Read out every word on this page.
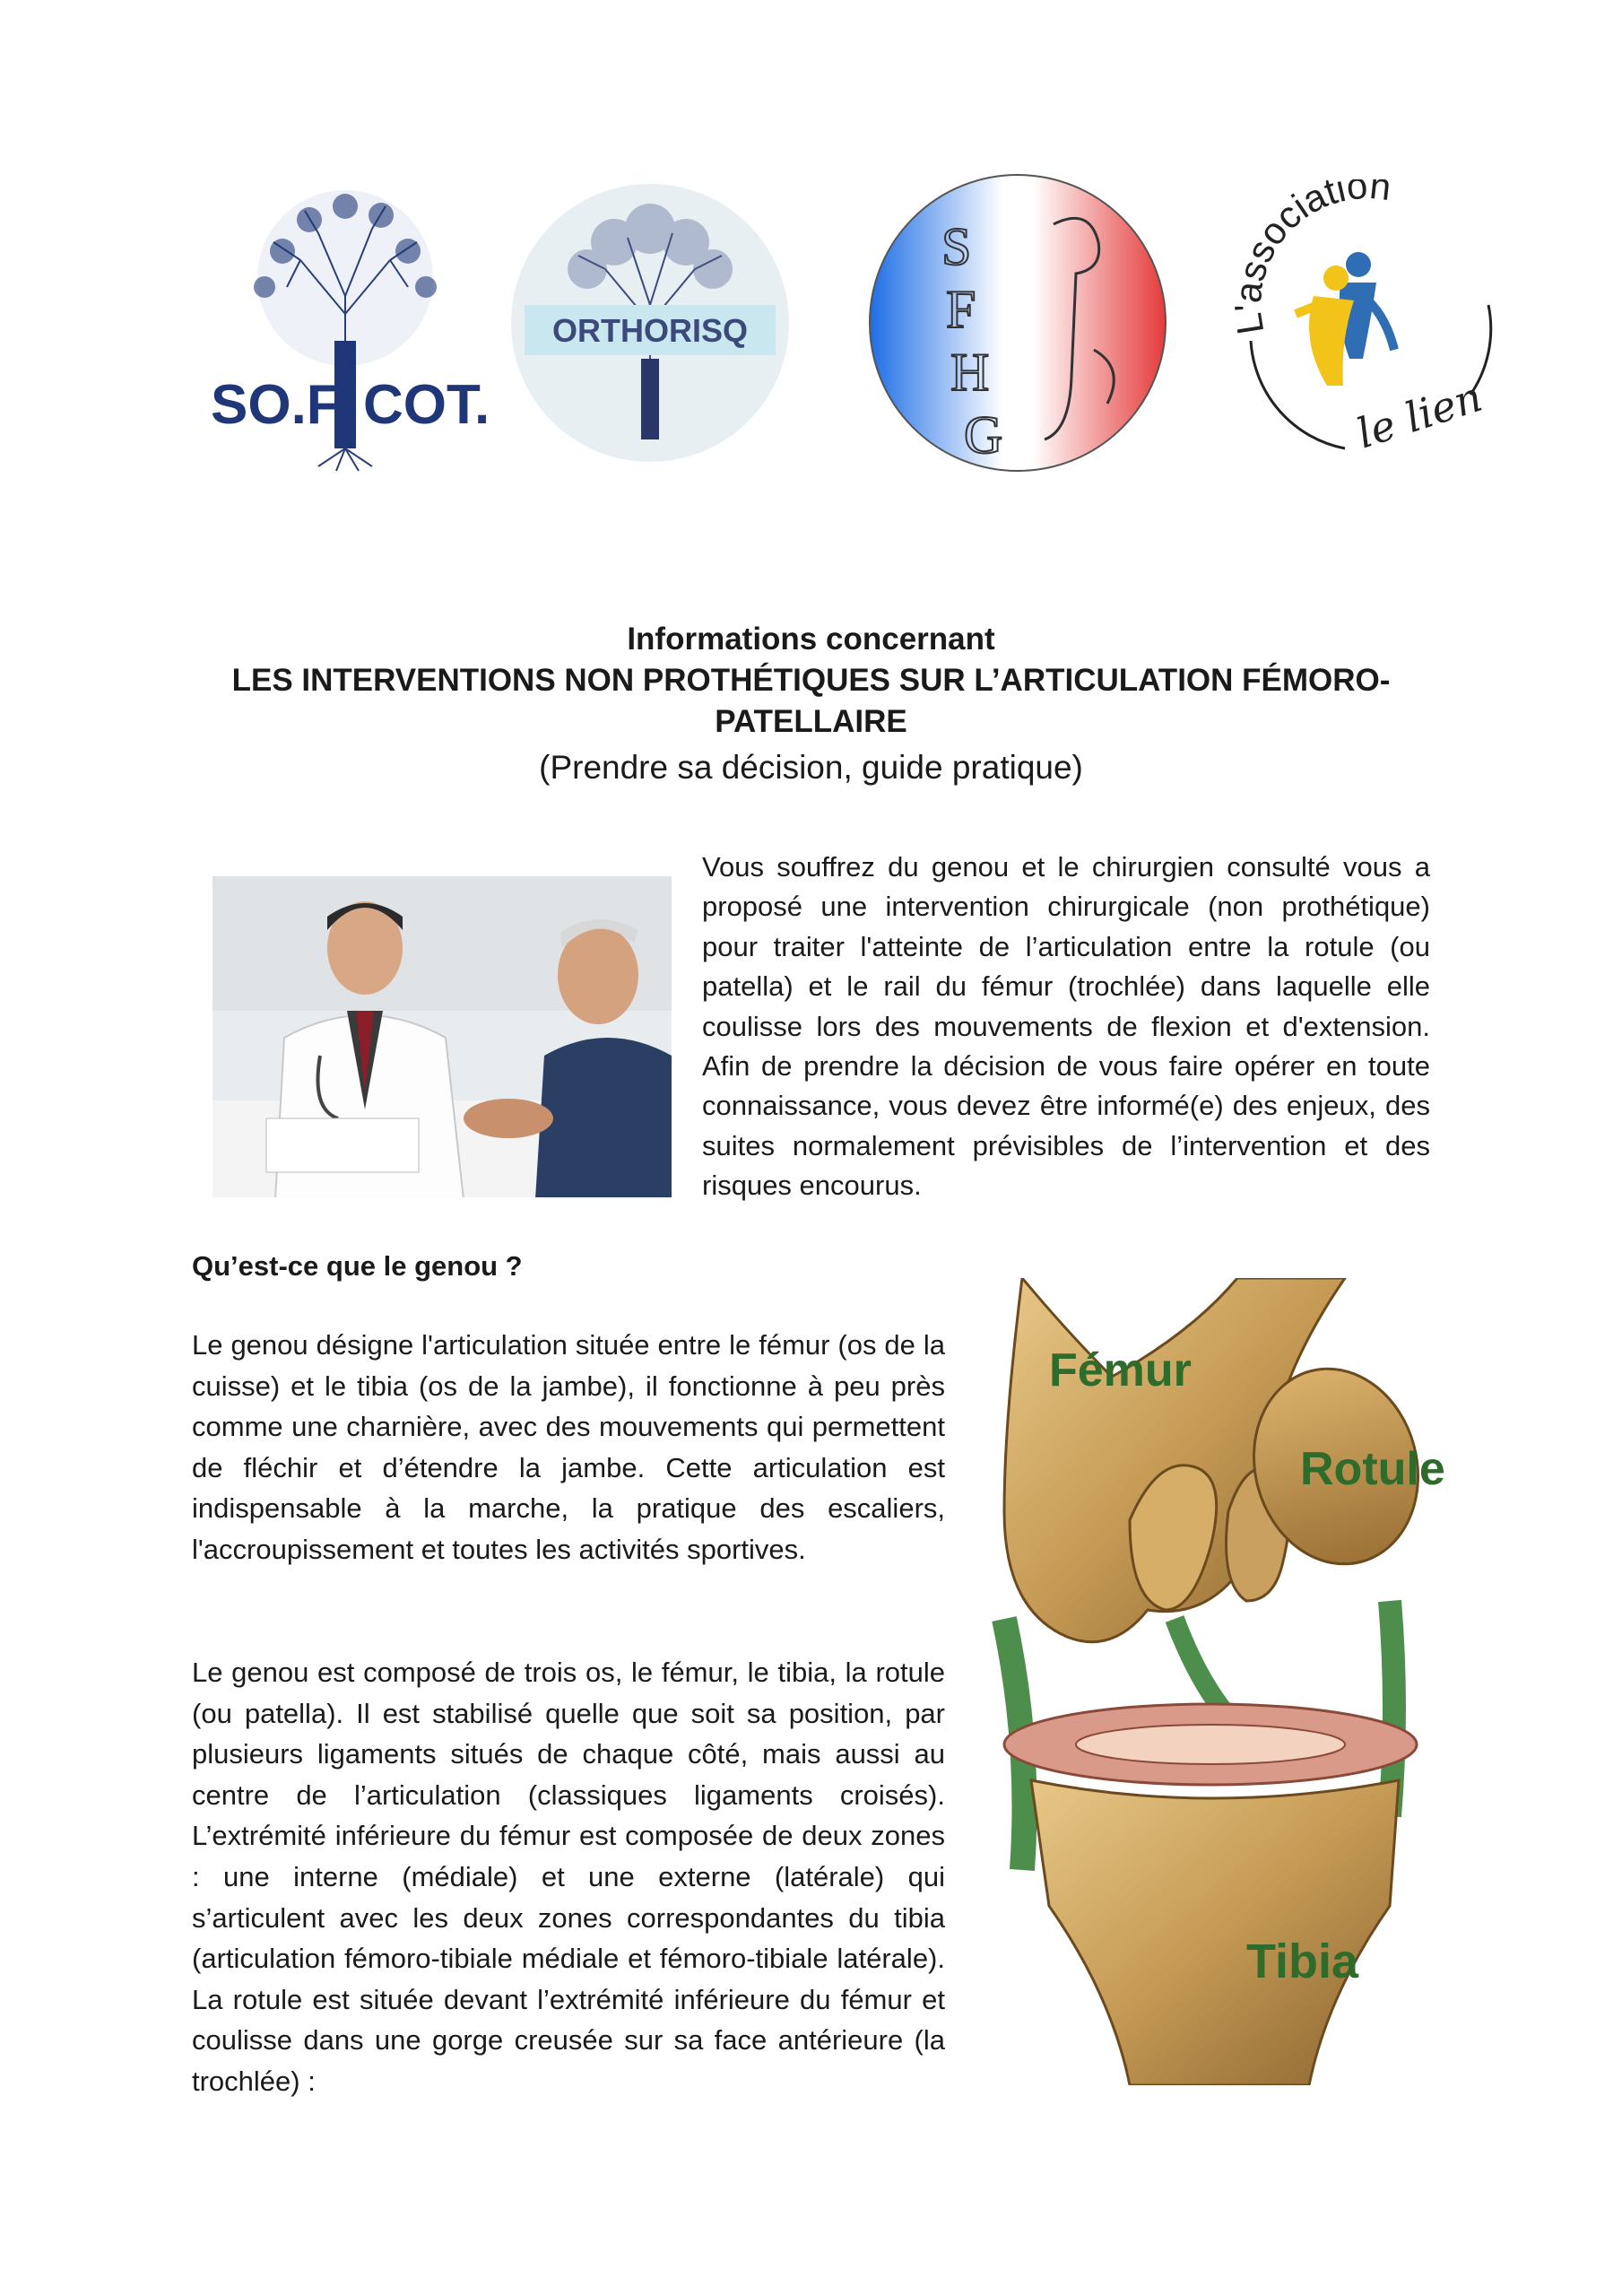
SO.F COT.
ORTHORISQ
S
F
H
G
L'association
le lien
Informations concernant
LES INTERVENTIONS NON PROTHÉTIQUES SUR L’ARTICULATION FÉMORO-PATELLAIRE
(Prendre sa décision, guide pratique)
Vous souffrez du genou et le chirurgien consulté vous a proposé une intervention chirurgicale (non prothétique) pour traiter l'atteinte de l’articulation entre la rotule (ou patella) et le rail du fémur (trochlée) dans laquelle elle coulisse lors des mouvements de flexion et d'extension. Afin de prendre la décision de vous faire opérer en toute connaissance, vous devez être informé(e) des enjeux, des suites normalement prévisibles de l’intervention et des risques encourus.
Qu’est-ce que le genou ?
Le genou désigne l'articulation située entre le fémur (os de la cuisse) et le tibia (os de la jambe), il fonctionne à peu près comme une charnière, avec des mouvements qui permettent de fléchir et d’étendre la jambe. Cette articulation est indispensable à la marche, la pratique des escaliers, l'accroupissement et toutes les activités sportives.
Le genou est composé de trois os, le fémur, le tibia, la rotule (ou patella). Il est stabilisé quelle que soit sa position, par plusieurs ligaments situés de chaque côté, mais aussi au centre de l’articulation (classiques ligaments croisés). L’extrémité inférieure du fémur est composée de deux zones : une interne (médiale) et une externe (latérale) qui s’articulent avec les deux zones correspondantes du tibia (articulation fémoro-tibiale médiale et fémoro-tibiale latérale). La rotule est située devant l’extrémité inférieure du fémur et coulisse dans une gorge creusée sur sa face antérieure (la trochlée) :
Fémur
Rotule
Tibia
